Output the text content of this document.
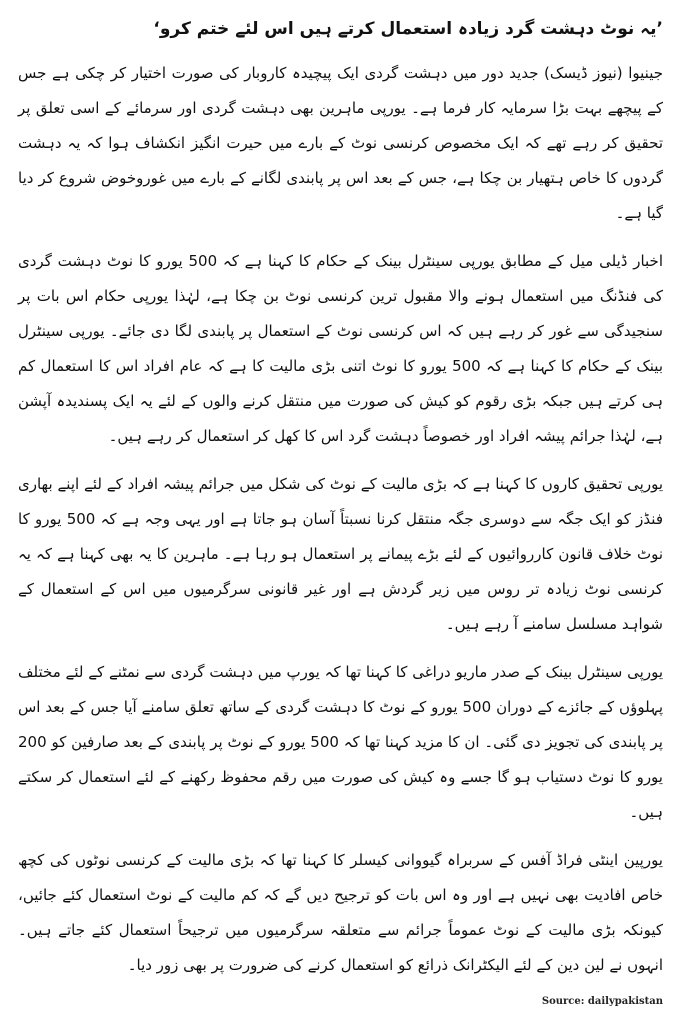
’یہ نوٹ دہشت گرد زیادہ استعمال کرتے ہیں اس لئے ختم کرو‘

جینیوا (نیوز ڈیسک) جدید دور میں دہشت گردی ایک پیچیدہ کاروبار کی صورت اختیار کر چکی ہے جس کے پیچھے بہت بڑا سرمایہ کار فرما ہے۔ یورپی ماہرین بھی دہشت گردی اور سرمائے کے اسی تعلق پر تحقیق کر رہے تھے کہ ایک مخصوص کرنسی نوٹ کے بارے میں حیرت انگیز انکشاف ہوا کہ یہ دہشت گردوں کا خاص ہتھیار بن چکا ہے، جس کے بعد اس پر پابندی لگانے کے بارے میں غوروخوض شروع کر دیا گیا ہے۔

اخبار ڈیلی میل کے مطابق یورپی سینٹرل بینک کے حکام کا کہنا ہے کہ 500 یورو کا نوٹ دہشت گردی کی فنڈنگ میں استعمال ہونے والا مقبول ترین کرنسی نوٹ بن چکا ہے، لہٰذا یورپی حکام اس بات پر سنجیدگی سے غور کر رہے ہیں کہ اس کرنسی نوٹ کے استعمال پر پابندی لگا دی جائے۔ یورپی سینٹرل بینک کے حکام کا کہنا ہے کہ 500 یورو کا نوٹ اتنی بڑی مالیت کا ہے کہ عام افراد اس کا استعمال کم ہی کرتے ہیں جبکہ بڑی رقوم کو کیش کی صورت میں منتقل کرنے والوں کے لئے یہ ایک پسندیدہ آپشن ہے، لہٰذا جرائم پیشہ افراد اور خصوصاً دہشت گرد اس کا کھل کر استعمال کر رہے ہیں۔

یورپی تحقیق کاروں کا کہنا ہے کہ بڑی مالیت کے نوٹ کی شکل میں جرائم پیشہ افراد کے لئے اپنے بھاری فنڈز کو ایک جگہ سے دوسری جگہ منتقل کرنا نسبتاً آسان ہو جاتا ہے اور یہی وجہ ہے کہ 500 یورو کا نوٹ خلاف قانون کارروائیوں کے لئے بڑے پیمانے پر استعمال ہو رہا ہے۔ ماہرین کا یہ بھی کہنا ہے کہ یہ کرنسی نوٹ زیادہ تر روس میں زیر گردش ہے اور غیر قانونی سرگرمیوں میں اس کے استعمال کے شواہد مسلسل سامنے آ رہے ہیں۔

یورپی سینٹرل بینک کے صدر ماریو دراغی کا کہنا تھا کہ یورپ میں دہشت گردی سے نمٹنے کے لئے مختلف پہلوﺅں کے جائزے کے دوران 500 یورو کے نوٹ کا دہشت گردی کے ساتھ تعلق سامنے آیا جس کے بعد اس پر پابندی کی تجویز دی گئی۔ ان کا مزید کہنا تھا کہ 500 یورو کے نوٹ پر پابندی کے بعد صارفین کو 200 یورو کا نوٹ دستیاب ہو گا جسے وہ کیش کی صورت میں رقم محفوظ رکھنے کے لئے استعمال کر سکتے ہیں۔

یورپین اینٹی فراڈ آفس کے سربراہ گیووانی کیسلر کا کہنا تھا کہ بڑی مالیت کے کرنسی نوٹوں کی کچھ خاص افادیت بھی نہیں ہے اور وہ اس بات کو ترجیح دیں گے کہ کم مالیت کے نوٹ استعمال کئے جائیں، کیونکہ بڑی مالیت کے نوٹ عموماً جرائم سے متعلقہ سرگرمیوں میں ترجیحاً استعمال کئے جاتے ہیں۔ انہوں نے لین دین کے لئے الیکٹرانک ذرائع کو استعمال کرنے کی ضرورت پر بھی زور دیا۔

Source: dailypakistan
